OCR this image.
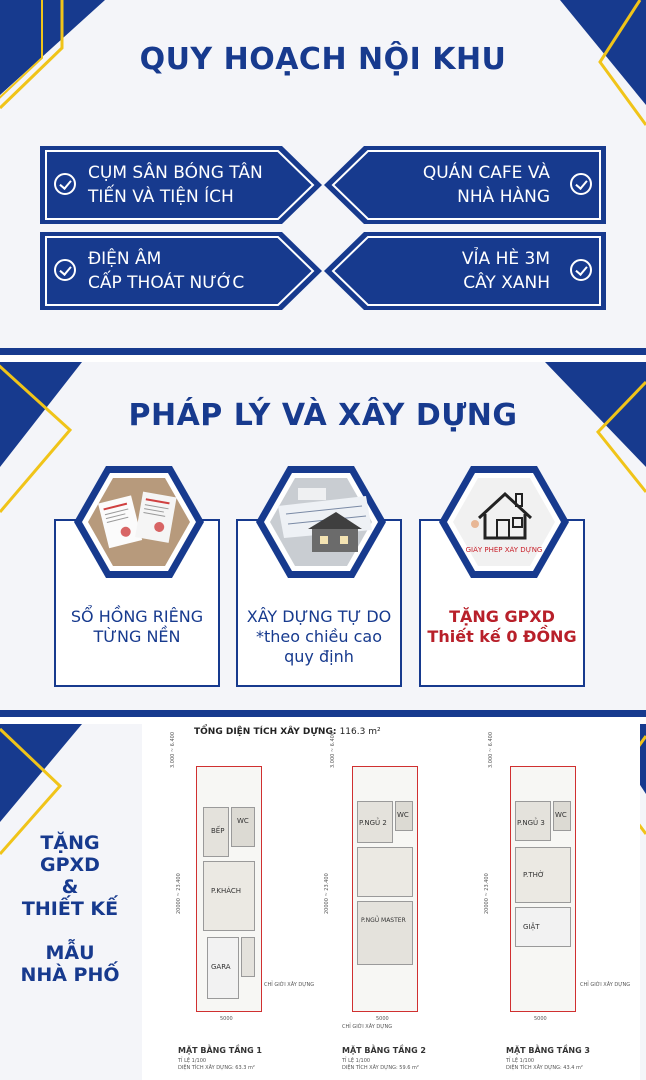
QUY HOẠCH NỘI KHU
CỤM SÂN BÓNG TÂN
TIẾN VÀ TIỆN ÍCH
QUÁN CAFE VÀ
NHÀ HÀNG
ĐIỆN ÂM
CẤP THOÁT NƯỚC
VỈA HÈ 3M
CÂY XANH
PHÁP LÝ VÀ XÂY DỰNG
SỔ HỒNG RIÊNG
TỪNG NỀN
XÂY DỰNG TỰ DO
*theo chiều cao
quy định
TẶNG GPXD
Thiết kế 0 ĐỒNG
GIẤY PHÉP XÂY DỰNG
TẶNG
GPXD
&
THIẾT KẾ
MẪU
NHÀ PHỐ
TỔNG DIỆN TÍCH XÂY DỰNG: 116.3 m²
3.000 ~ 6.400
20000 ~ 23.400
BẾP
WC
P.KHÁCH
GARA
5000
CHỈ GIỚI XÂY DỰNG
MẶT BẰNG TẦNG 1
TỈ LỆ 1/100
DIỆN TÍCH XÂY DỰNG: 63.3 m²
3.000 ~ 6.400
20000 ~ 23.400
P.NGỦ 2
WC
P.NGỦ MASTER
5000
CHỈ GIỚI XÂY DỰNG
MẶT BẰNG TẦNG 2
TỈ LỆ 1/100
DIỆN TÍCH XÂY DỰNG: 59.6 m²
3.000 ~ 6.400
20000 ~ 23.400
P.NGỦ 3
WC
P.THỜ
GIẶT
5000
CHỈ GIỚI XÂY DỰNG
MẶT BẰNG TẦNG 3
TỈ LỆ 1/100
DIỆN TÍCH XÂY DỰNG: 43.4 m²
